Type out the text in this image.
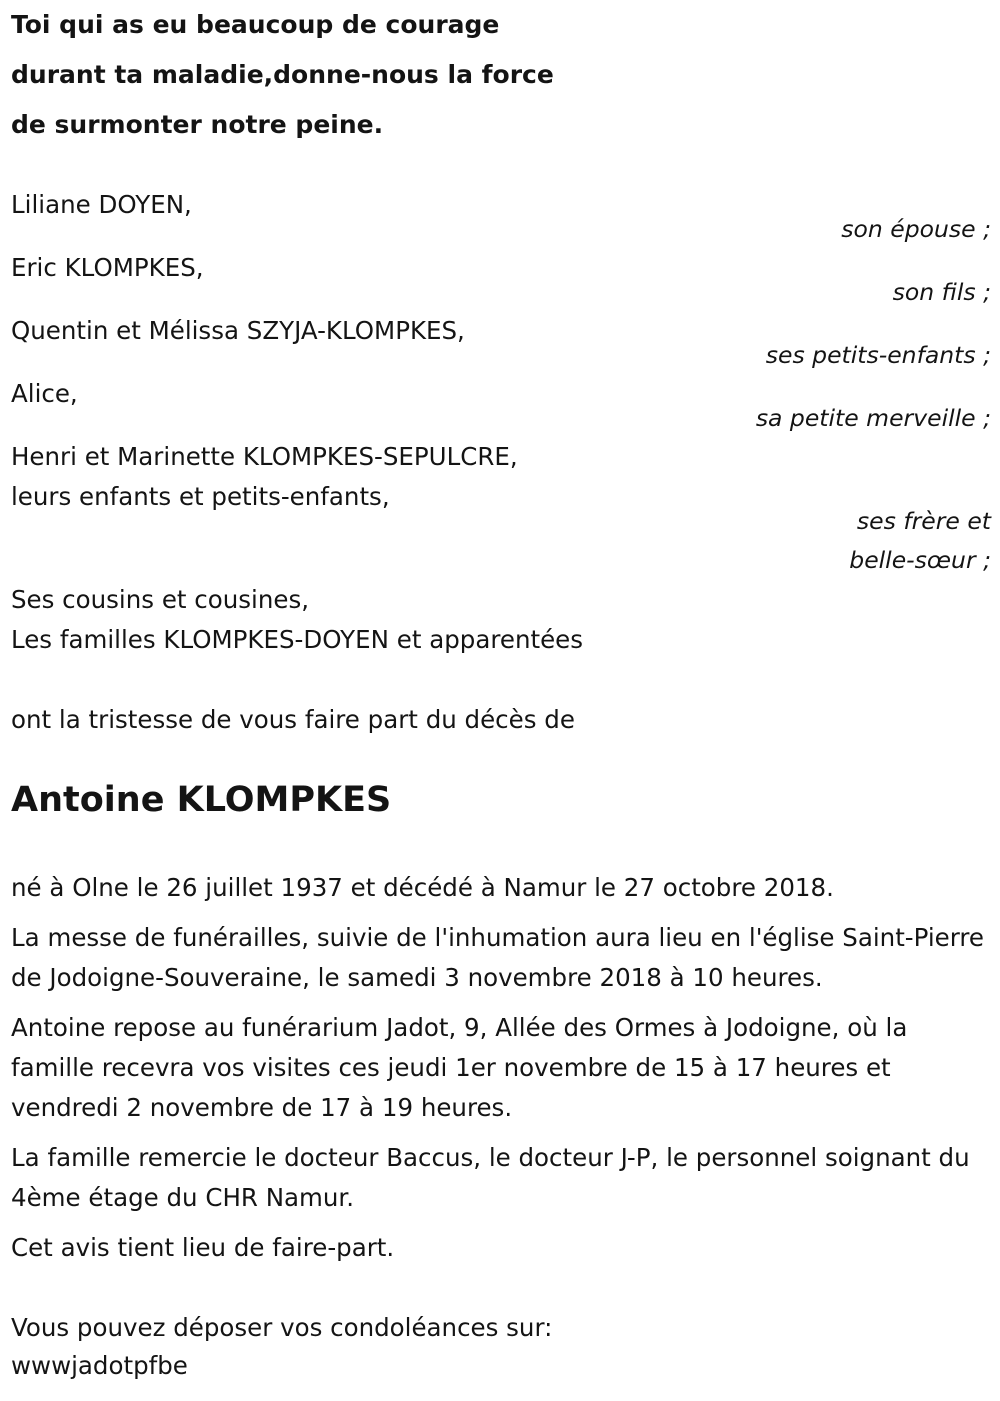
Toi qui as eu beaucoup de courage
durant ta maladie,donne-nous la force
de surmonter notre peine.
Liliane DOYEN,
son épouse ;
Eric KLOMPKES,
son fils ;
Quentin et Mélissa SZYJA-KLOMPKES,
ses petits-enfants ;
Alice,
sa petite merveille ;
Henri et Marinette KLOMPKES-SEPULCRE,
leurs enfants et petits-enfants,
ses frère et
belle-sœur ;
Ses cousins et cousines,
Les familles KLOMPKES-DOYEN et apparentées
ont la tristesse de vous faire part du décès de
Antoine KLOMPKES
né à Olne le 26 juillet 1937 et décédé à Namur le 27 octobre 2018.
La messe de funérailles, suivie de l'inhumation aura lieu en l'église Saint-Pierre de Jodoigne-Souveraine, le samedi 3 novembre 2018 à 10 heures.
Antoine repose au funérarium Jadot, 9, Allée des Ormes à Jodoigne, où la famille recevra vos visites ces jeudi 1er novembre de 15 à 17 heures et vendredi 2 novembre de 17 à 19 heures.
La famille remercie le docteur Baccus, le docteur J-P, le personnel soignant du 4ème étage du CHR Namur.
Cet avis tient lieu de faire-part.
Vous pouvez déposer vos condoléances sur:
wwwjadotpfbe
